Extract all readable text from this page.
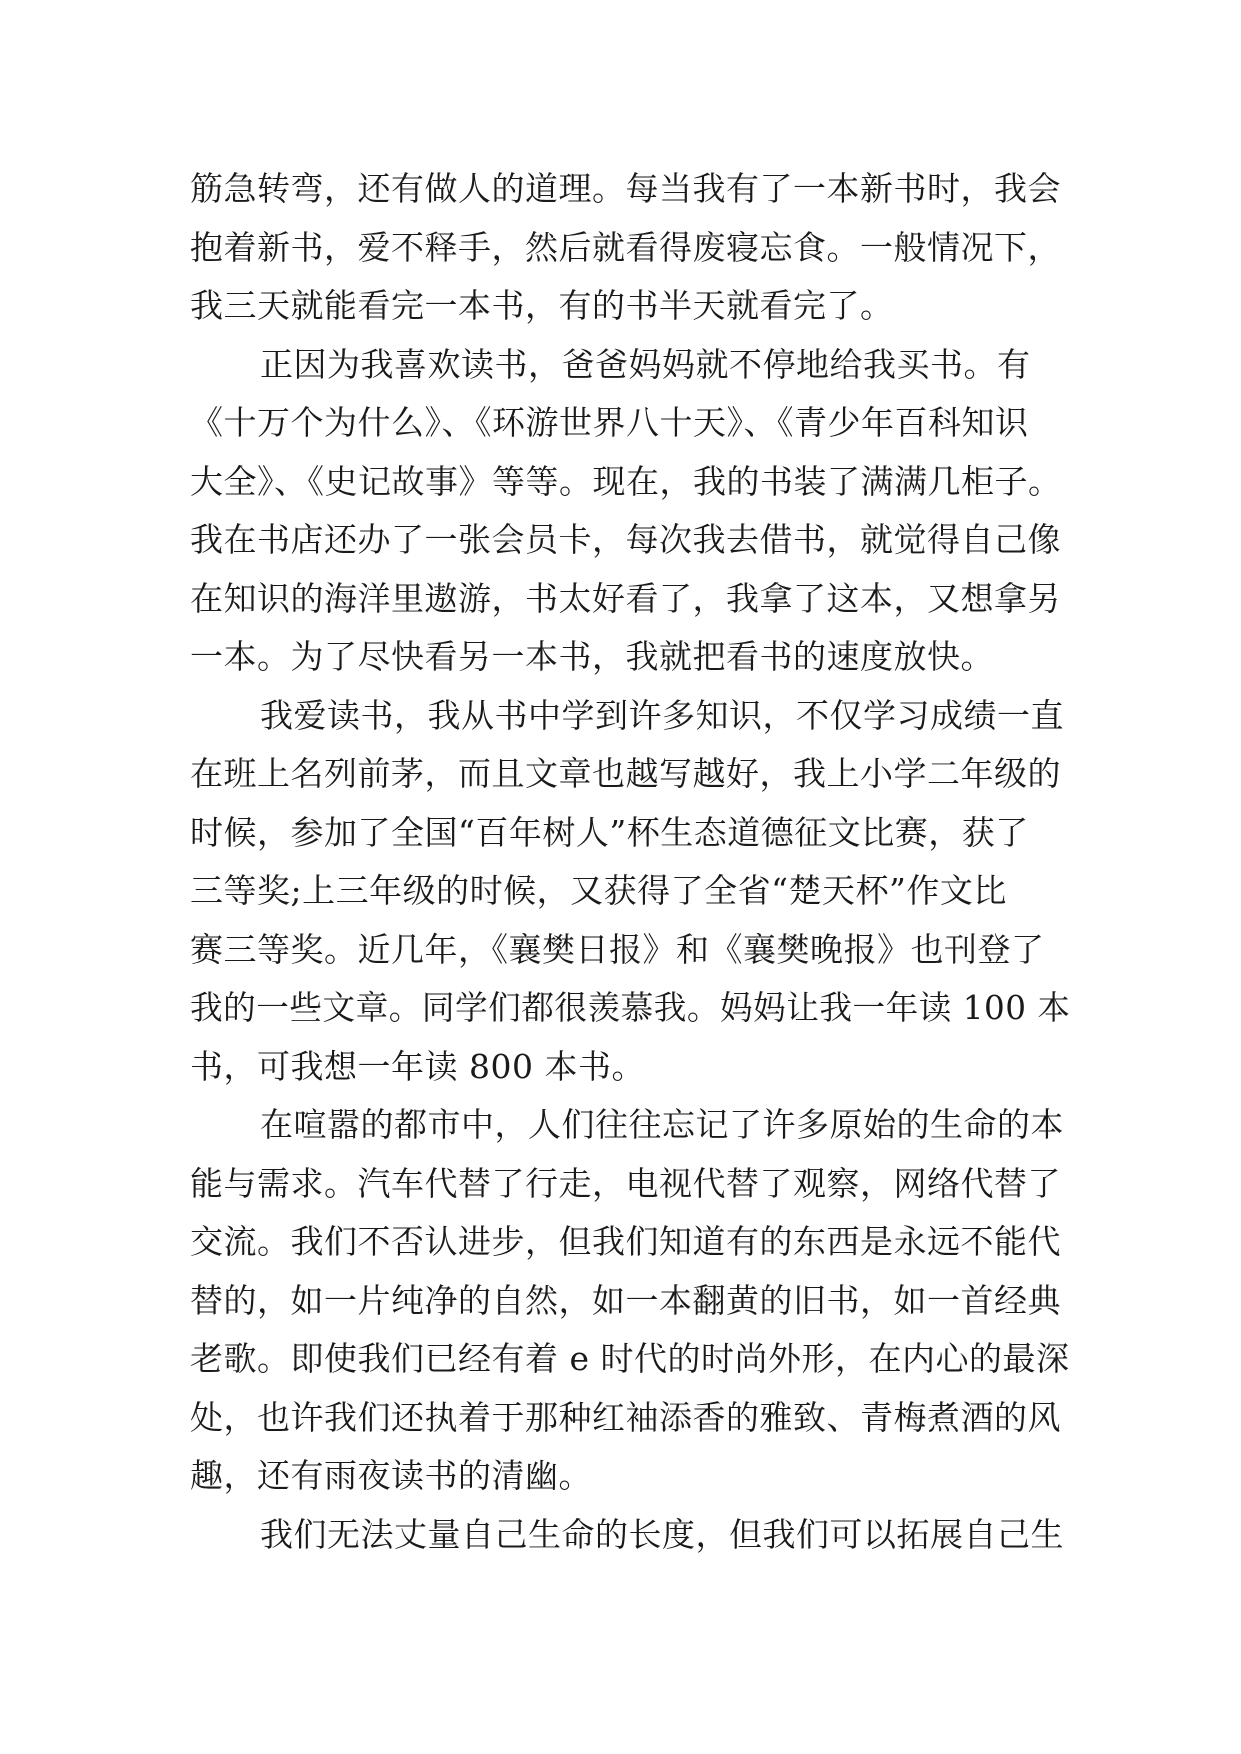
筋急转弯，还有做人的道理。每当我有了一本新书时，我会
抱着新书，爱不释手，然后就看得废寝忘食。一般情况下，
我三天就能看完一本书，有的书半天就看完了。
正因为我喜欢读书，爸爸妈妈就不停地给我买书。有
《十万个为什么》、《环游世界八十天》、《青少年百科知识
大全》、《史记故事》等等。现在，我的书装了满满几柜子。
我在书店还办了一张会员卡，每次我去借书，就觉得自己像
在知识的海洋里遨游，书太好看了，我拿了这本，又想拿另
一本。为了尽快看另一本书，我就把看书的速度放快。
我爱读书，我从书中学到许多知识，不仅学习成绩一直
在班上名列前茅，而且文章也越写越好，我上小学二年级的
时候，参加了全国“百年树人”杯生态道德征文比赛，获了
三等奖;上三年级的时候，又获得了全省“楚天杯”作文比
赛三等奖。近几年，《襄樊日报》和《襄樊晚报》也刊登了
我的一些文章。同学们都很羡慕我。妈妈让我一年读 100 本
书，可我想一年读 800 本书。
在喧嚣的都市中，人们往往忘记了许多原始的生命的本
能与需求。汽车代替了行走，电视代替了观察，网络代替了
交流。我们不否认进步，但我们知道有的东西是永远不能代
替的，如一片纯净的自然，如一本翻黄的旧书，如一首经典
老歌。即使我们已经有着 e 时代的时尚外形，在内心的最深
处，也许我们还执着于那种红袖添香的雅致、青梅煮酒的风
趣，还有雨夜读书的清幽。
我们无法丈量自己生命的长度，但我们可以拓展自己生
